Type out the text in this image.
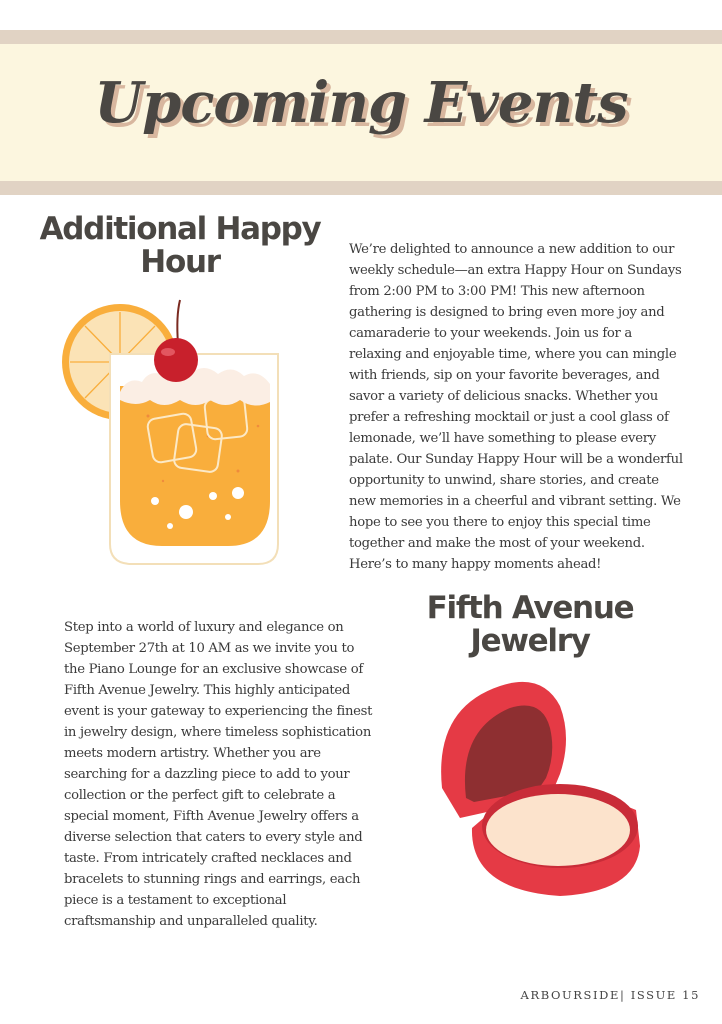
Upcoming Events
Additional Happy Hour	We’re delighted to announce a new addition to our weekly schedule—an extra Happy Hour on Sundays from 2:00 PM to 3:00 PM! This new afternoon gathering is designed to bring even more joy and camaraderie to your weekends. Join us for a relaxing and enjoyable time, where you can mingle with friends, sip on your favorite beverages, and savor a variety of delicious snacks. Whether you prefer a refreshing mocktail or just a cool glass of lemonade, we’ll have something to please every palate. Our Sunday Happy Hour will be a wonderful opportunity to unwind, share stories, and create new memories in a cheerful and vibrant setting. We hope to see you there to enjoy this special time together and make the most of your weekend. Here’s to many happy moments ahead!
Fifth Avenue Jewelry
Step into a world of luxury and elegance on September 27th at 10 AM as we invite you to the Piano Lounge for an exclusive showcase of Fifth Avenue Jewelry. This highly anticipated event is your gateway to experiencing the finest in jewelry design, where timeless sophistication meets modern artistry. Whether you are searching for a dazzling piece to add to your collection or the perfect gift to celebrate a special moment, Fifth Avenue Jewelry offers a diverse selection that caters to every style and taste. From intricately crafted necklaces and bracelets to stunning rings and earrings, each piece is a testament to exceptional craftsmanship and unparalleled quality.
ARBOURSIDE| ISSUE 15
